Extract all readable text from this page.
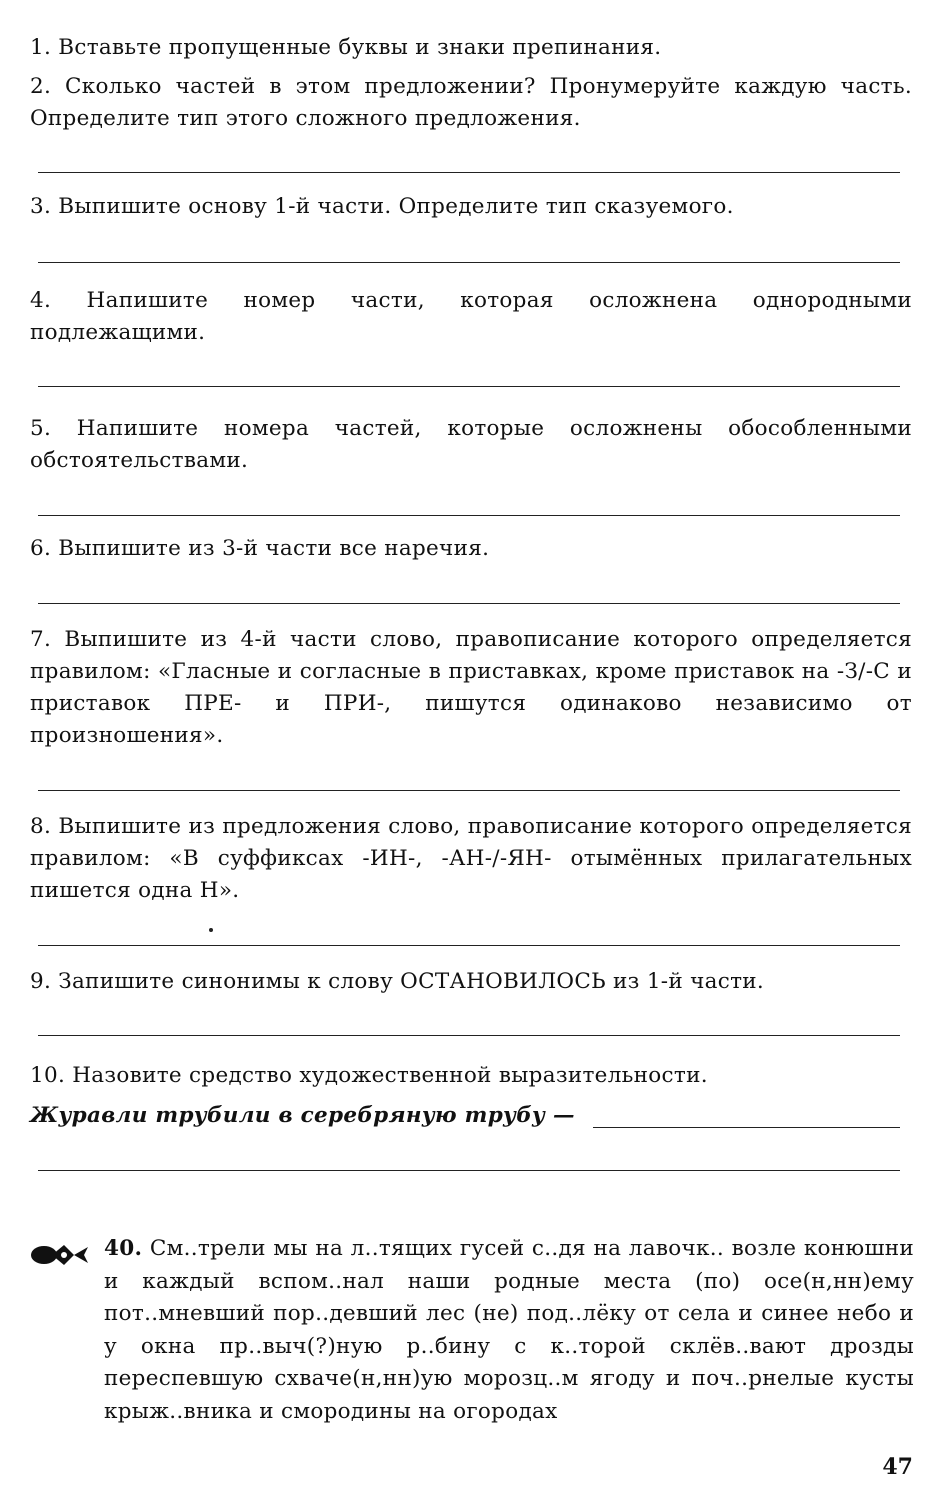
1. Вставьте пропущенные буквы и знаки препинания.

2. Сколько частей в этом предложении? Пронумеруйте каждую часть. Определите тип этого сложного предложения.

3. Выпишите основу 1-й части. Определите тип сказуемого.

4. Напишите номер части, которая осложнена однородными подлежащими.

5. Напишите номера частей, которые осложнены обособленными обстоятельствами.

6. Выпишите из 3-й части все наречия.

7. Выпишите из 4-й части слово, правописание которого определяется правилом: «Гласные и согласные в приставках, кроме приставок на -З/-С и приставок ПРЕ- и ПРИ-, пишутся одинаково независимо от произношения».

8. Выпишите из предложения слово, правописание которого определяется правилом: «В суффиксах -ИН-, -АН-/-ЯН- отымённых прилагательных пишется одна Н».

9. Запишите синонимы к слову ОСТАНОВИЛОСЬ из 1-й части.

10. Назовите средство художественной выразительности.

Журавли трубили в серебряную трубу —

40. См..трели мы на л..тящих гусей с..дя на лавочк.. возле конюшни и каждый вспом..нал наши родные места (по) осе(н,нн)ему пот..мневший пор..девший лес (не) под..лёку от села и синее небо и у окна пр..выч(?)ную р..бину с к..торой склёв..вают дрозды переспевшую схваче(н,нн)ую морозц..м ягоду и поч..рнелые кусты крыж..вника и смородины на огородах

47
